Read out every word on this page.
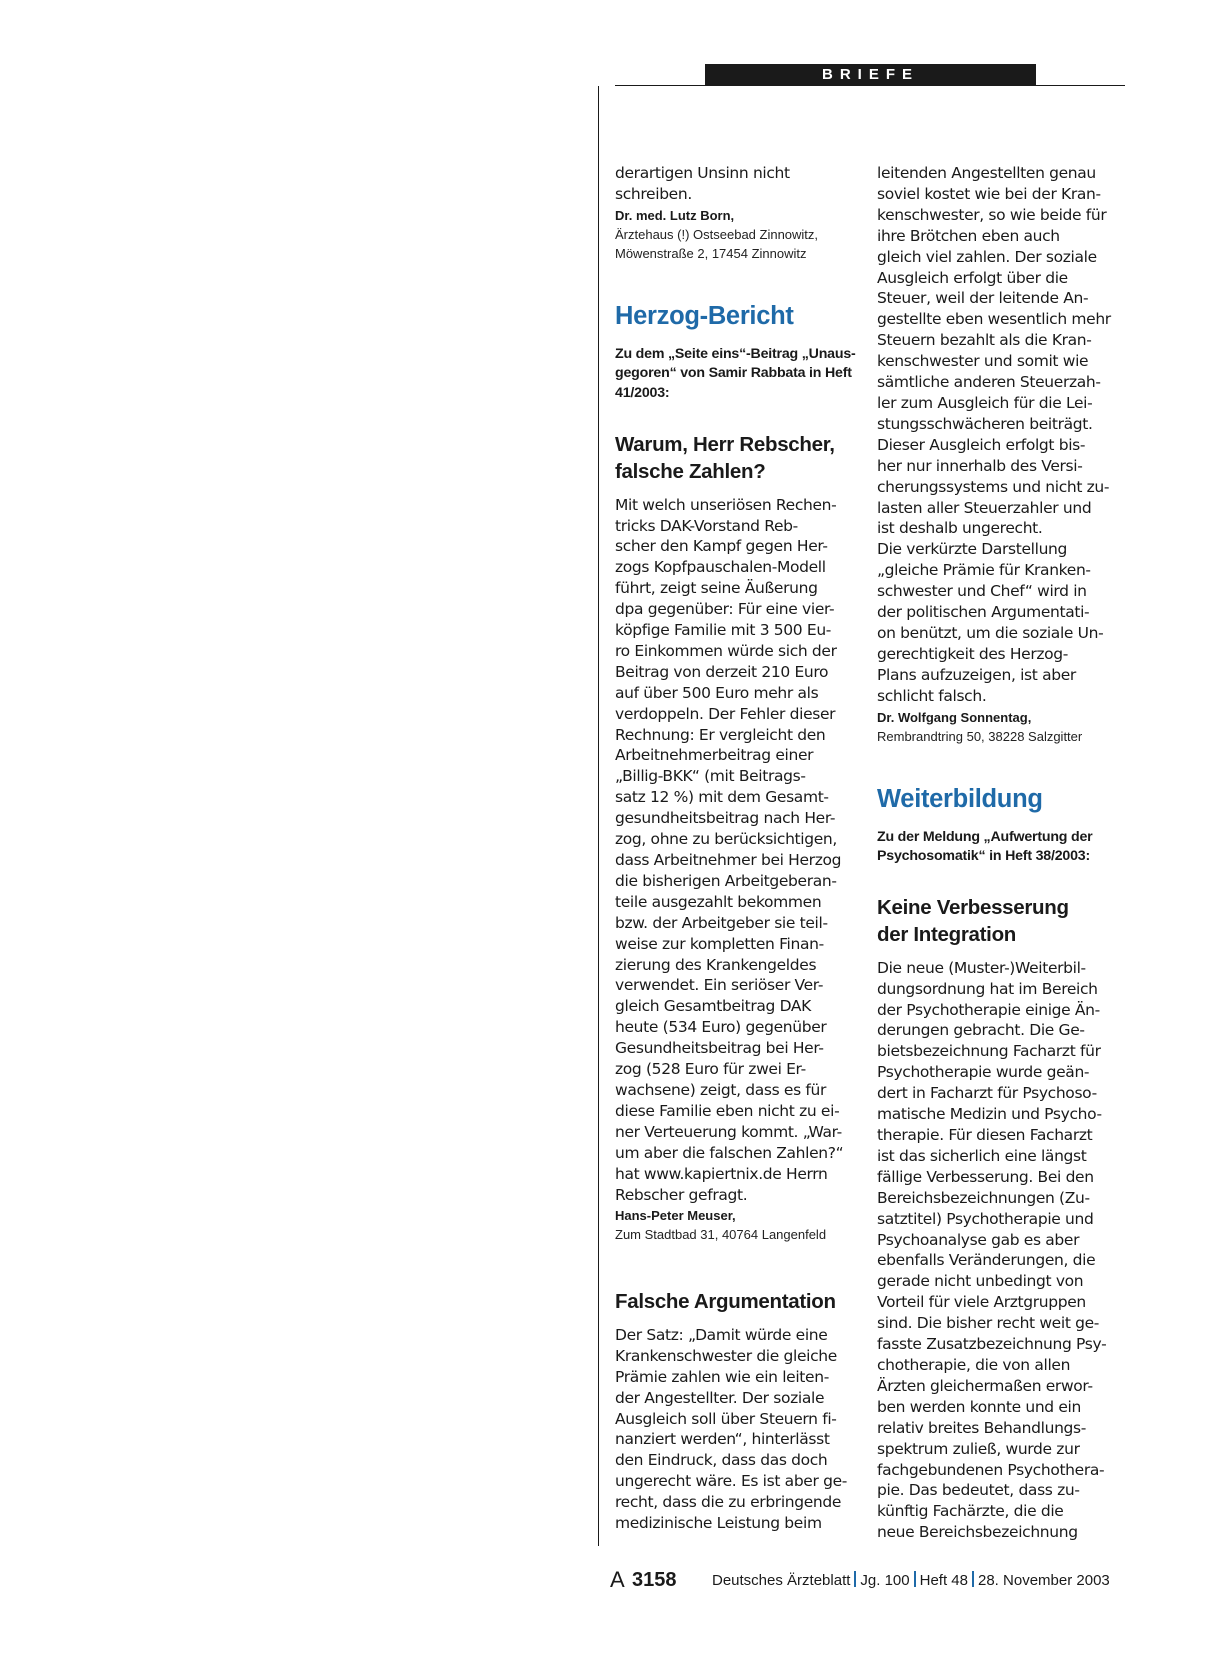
BRIEFE
derartigen Unsinn nicht
schreiben.
Dr. med. Lutz Born,
Ärztehaus (!) Ostseebad Zinnowitz,
Möwenstraße 2, 17454 Zinnowitz
Herzog-Bericht
Zu dem „Seite eins“-Beitrag „Unaus-
gegoren“ von Samir Rabbata in Heft
41/2003:
Warum, Herr Rebscher,
falsche Zahlen?
Mit welch unseriösen Rechen-
tricks DAK-Vorstand Reb-
scher den Kampf gegen Her-
zogs Kopfpauschalen-Modell
führt, zeigt seine Äußerung
dpa gegenüber: Für eine vier-
köpfige Familie mit 3 500 Eu-
ro Einkommen würde sich der
Beitrag von derzeit 210 Euro
auf über 500 Euro mehr als
verdoppeln. Der Fehler dieser
Rechnung: Er vergleicht den
Arbeitnehmerbeitrag einer
„Billig-BKK“ (mit Beitrags-
satz 12 %) mit dem Gesamt-
gesundheitsbeitrag nach Her-
zog, ohne zu berücksichtigen,
dass Arbeitnehmer bei Herzog
die bisherigen Arbeitgeberan-
teile ausgezahlt bekommen
bzw. der Arbeitgeber sie teil-
weise zur kompletten Finan-
zierung des Krankengeldes
verwendet. Ein seriöser Ver-
gleich Gesamtbeitrag DAK
heute (534 Euro) gegenüber
Gesundheitsbeitrag bei Her-
zog (528 Euro für zwei Er-
wachsene) zeigt, dass es für
diese Familie eben nicht zu ei-
ner Verteuerung kommt. „War-
um aber die falschen Zahlen?“
hat www.kapiertnix.de Herrn
Rebscher gefragt.
Hans-Peter Meuser,
Zum Stadtbad 31, 40764 Langenfeld
Falsche Argumentation
Der Satz: „Damit würde eine
Krankenschwester die gleiche
Prämie zahlen wie ein leiten-
der Angestellter. Der soziale
Ausgleich soll über Steuern fi-
nanziert werden“, hinterlässt
den Eindruck, dass das doch
ungerecht wäre. Es ist aber ge-
recht, dass die zu erbringende
medizinische Leistung beim
leitenden Angestellten genau
soviel kostet wie bei der Kran-
kenschwester, so wie beide für
ihre Brötchen eben auch
gleich viel zahlen. Der soziale
Ausgleich erfolgt über die
Steuer, weil der leitende An-
gestellte eben wesentlich mehr
Steuern bezahlt als die Kran-
kenschwester und somit wie
sämtliche anderen Steuerzah-
ler zum Ausgleich für die Lei-
stungsschwächeren beiträgt.
Dieser Ausgleich erfolgt bis-
her nur innerhalb des Versi-
cherungssystems und nicht zu-
lasten aller Steuerzahler und
ist deshalb ungerecht.
Die verkürzte Darstellung
„gleiche Prämie für Kranken-
schwester und Chef“ wird in
der politischen Argumentati-
on benützt, um die soziale Un-
gerechtigkeit des Herzog-
Plans aufzuzeigen, ist aber
schlicht falsch.
Dr. Wolfgang Sonnentag,
Rembrandtring 50, 38228 Salzgitter
Weiterbildung
Zu der Meldung „Aufwertung der
Psychosomatik“ in Heft 38/2003:
Keine Verbesserung
der Integration
Die neue (Muster-)Weiterbil-
dungsordnung hat im Bereich
der Psychotherapie einige Än-
derungen gebracht. Die Ge-
bietsbezeichnung Facharzt für
Psychotherapie wurde geän-
dert in Facharzt für Psychoso-
matische Medizin und Psycho-
therapie. Für diesen Facharzt
ist das sicherlich eine längst
fällige Verbesserung. Bei den
Bereichsbezeichnungen (Zu-
satztitel) Psychotherapie und
Psychoanalyse gab es aber
ebenfalls Veränderungen, die
gerade nicht unbedingt von
Vorteil für viele Arztgruppen
sind. Die bisher recht weit ge-
fasste Zusatzbezeichnung Psy-
chotherapie, die von allen
Ärzten gleichermaßen erwor-
ben werden konnte und ein
relativ breites Behandlungs-
spektrum zuließ, wurde zur
fachgebundenen Psychothera-
pie. Das bedeutet, dass zu-
künftig Fachärzte, die die
neue Bereichsbezeichnung
A 3158 Deutsches Ärzteblatt Jg. 100 Heft 48 28. November 2003
